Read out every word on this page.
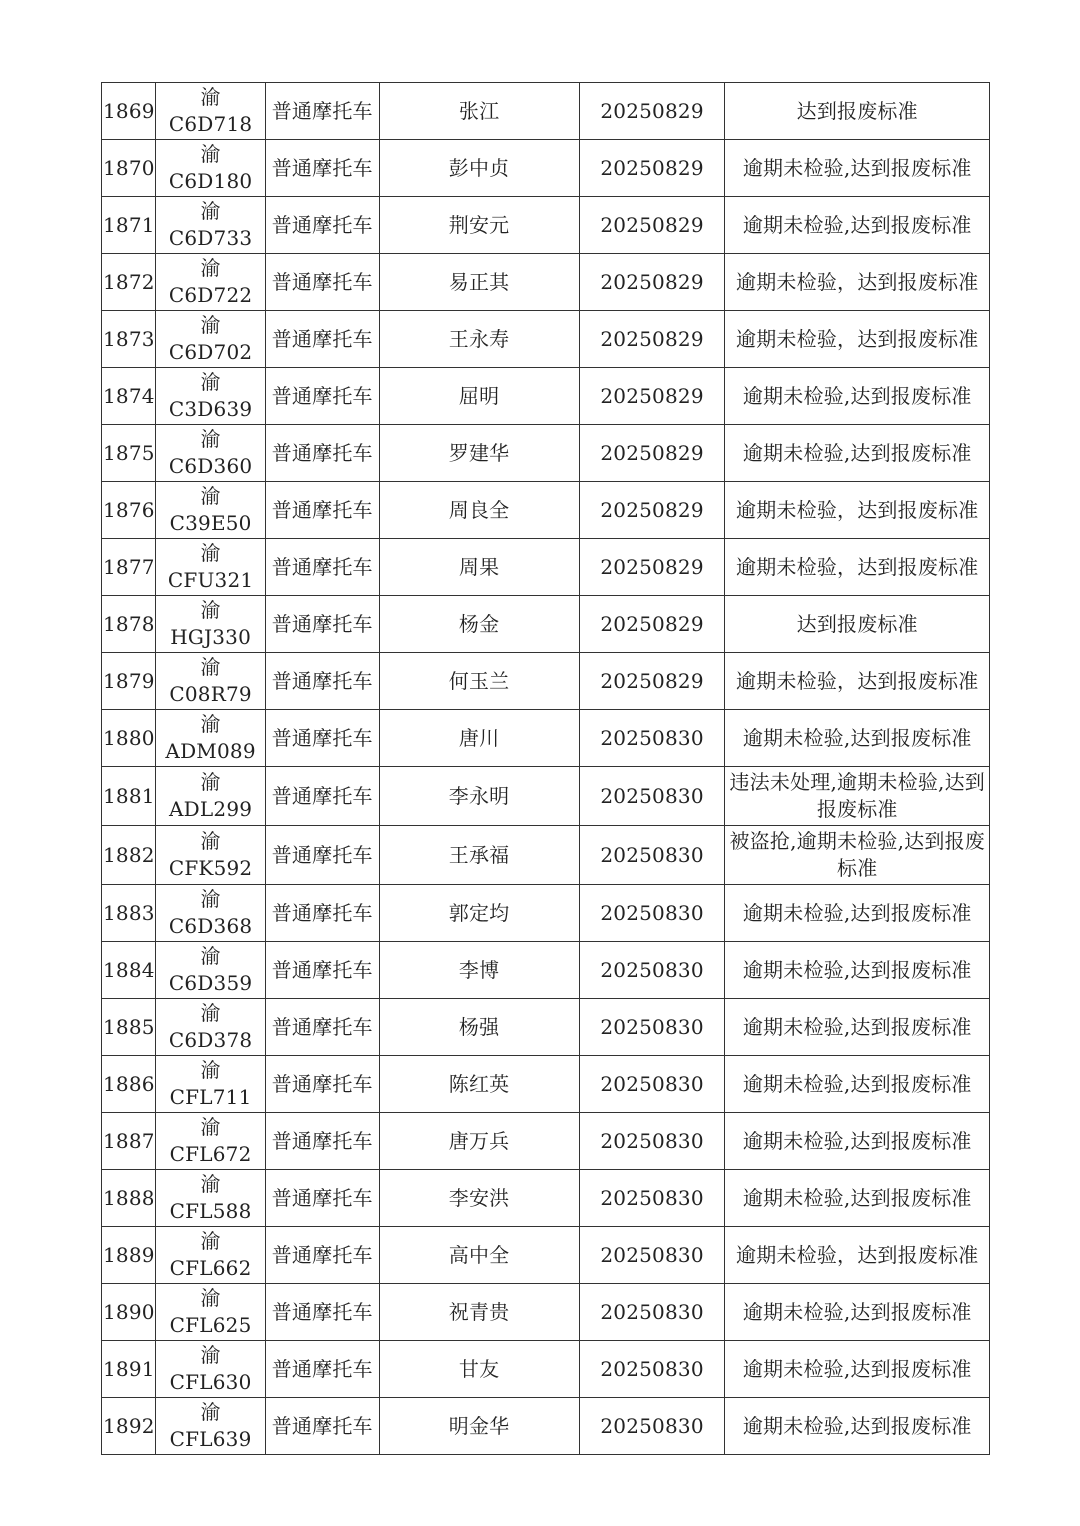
1869	渝 C6D718	普通摩托车	张江	20250829	达到报废标准
1870	渝 C6D180	普通摩托车	彭中贞	20250829	逾期未检验,达到报废标准
1871	渝 C6D733	普通摩托车	荆安元	20250829	逾期未检验,达到报废标准
1872	渝 C6D722	普通摩托车	易正其	20250829	逾期未检验，达到报废标准
1873	渝 C6D702	普通摩托车	王永寿	20250829	逾期未检验，达到报废标准
1874	渝 C3D639	普通摩托车	屈明	20250829	逾期未检验,达到报废标准
1875	渝 C6D360	普通摩托车	罗建华	20250829	逾期未检验,达到报废标准
1876	渝 C39E50	普通摩托车	周良全	20250829	逾期未检验，达到报废标准
1877	渝 CFU321	普通摩托车	周果	20250829	逾期未检验，达到报废标准
1878	渝 HGJ330	普通摩托车	杨金	20250829	达到报废标准
1879	渝 C08R79	普通摩托车	何玉兰	20250829	逾期未检验，达到报废标准
1880	渝 ADM089	普通摩托车	唐川	20250830	逾期未检验,达到报废标准
1881	渝 ADL299	普通摩托车	李永明	20250830	违法未处理,逾期未检验,达到报废标准
1882	渝 CFK592	普通摩托车	王承福	20250830	被盗抢,逾期未检验,达到报废标准
1883	渝 C6D368	普通摩托车	郭定均	20250830	逾期未检验,达到报废标准
1884	渝 C6D359	普通摩托车	李博	20250830	逾期未检验,达到报废标准
1885	渝 C6D378	普通摩托车	杨强	20250830	逾期未检验,达到报废标准
1886	渝 CFL711	普通摩托车	陈红英	20250830	逾期未检验,达到报废标准
1887	渝 CFL672	普通摩托车	唐万兵	20250830	逾期未检验,达到报废标准
1888	渝 CFL588	普通摩托车	李安洪	20250830	逾期未检验,达到报废标准
1889	渝 CFL662	普通摩托车	高中全	20250830	逾期未检验，达到报废标准
1890	渝 CFL625	普通摩托车	祝青贵	20250830	逾期未检验,达到报废标准
1891	渝 CFL630	普通摩托车	甘友	20250830	逾期未检验,达到报废标准
1892	渝 CFL639	普通摩托车	明金华	20250830	逾期未检验,达到报废标准
